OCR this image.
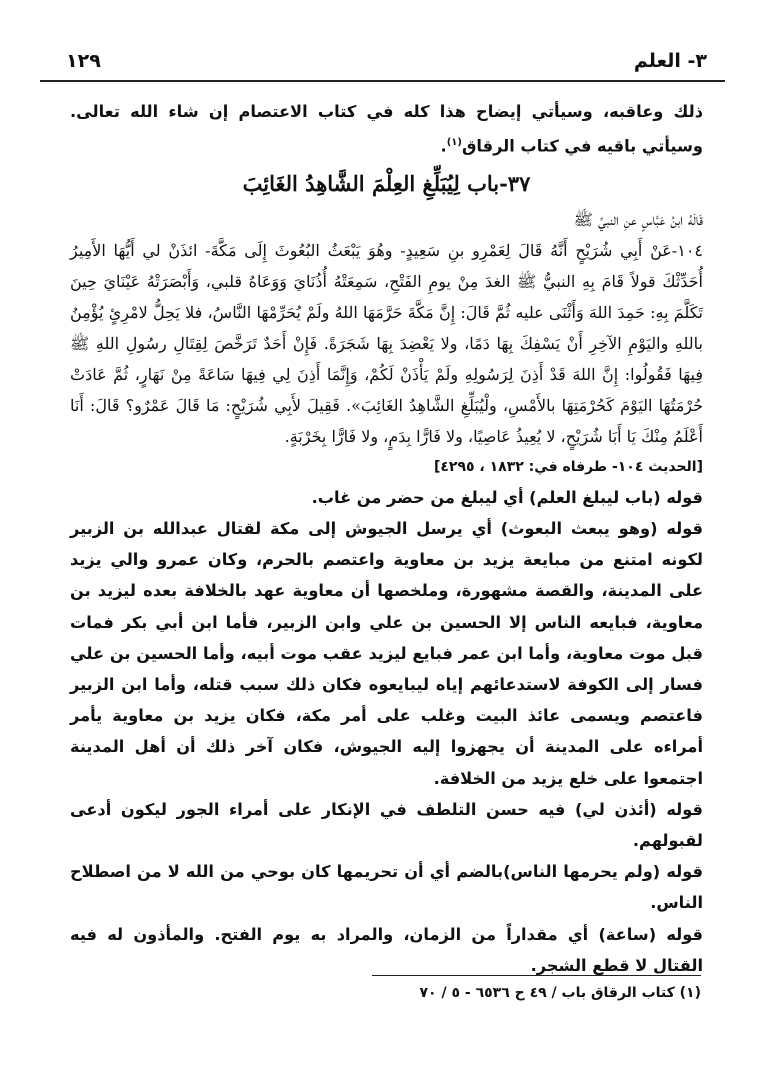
٣- العلم
١٢٩

ذلك وعاقبه، وسيأتي إيضاح هذا كله في كتاب الاعتصام إن شاء الله تعالى. وسيأتي باقيه في كتاب الرقاق$^{(١)}$.

٣٧-باب لِيُبَلِّغِ العِلْمَ الشَّاهِدُ الغَائِبَ

قَالَهُ ابنُ عَبَّاسٍ عنِ النبيِّ ﷺ

١٠٤-عَنْ أَبِي شُرَيْحٍ أَنَّهُ قَالَ لِعَمْرِو بنِ سَعِيدٍ- وهُوَ يَبْعَثُ البُعُوثَ إِلَى مَكَّةَ- ائذَنْ لي أَيُّهَا الأَمِيرُ أُحَدِّثْكَ قولاً قَامَ بِهِ النبيُّ ﷺ الغدَ مِنْ يومِ الفَتْحِ، سَمِعَتْهُ أُذُنَايَ وَوَعَاهُ قلبي، وَأَبْصَرَتْهُ عَيْنَايَ حِينَ تَكَلَّمَ بِهِ: حَمِدَ اللهَ وَأَثْنَى عليه ثُمَّ قَالَ: إِنَّ مَكَّةَ حَرَّمَهَا اللهُ ولَمْ يُحَرِّمْهَا النَّاسُ، فلا يَحِلُّ لامْرِئٍ يُؤْمِنُ باللهِ واليَوْمِ الآخِرِ أَنْ يَسْفِكَ بِهَا دَمًا، ولا يَعْضِدَ بِهَا شَجَرَةً. فَإِنْ أَحَدٌ تَرَخَّصَ لِقِتَالِ رسُولِ اللهِ ﷺ فِيهَا فَقُولُوا: إِنَّ اللهَ قَدْ أَذِنَ لِرَسُولِهِ ولَمْ يَأْذَنْ لَكُمْ، وَإِنَّمَا أَذِنَ لِي فِيهَا سَاعَةً مِنْ نَهَارٍ، ثُمَّ عَادَتْ حُرْمَتُهَا اليَوْمَ كَحُرْمَتِهَا بالأَمْسِ، ولْيُبَلِّغِ الشَّاهِدُ الغَائِبَ». فَقِيلَ لأَبِي شُرَيْحٍ: مَا قَالَ عَمْرٌو؟ قَالَ: أَنَا أَعْلَمُ مِنْكَ يَا أَبَا شُرَيْحٍ، لا يُعِيذُ عَاصِيًا، ولا فَارًّا بِدَمٍ، ولا فَارًّا بِخَرْبَةٍ.

[الحديث ١٠٤- طرفاه في: ١٨٣٢ ، ٤٢٩٥]

قوله (باب ليبلغ العلم) أي ليبلغ من حضر من غاب.

قوله (وهو يبعث البعوث) أي يرسل الجيوش إلى مكة لقتال عبدالله بن الزبير لكونه امتنع من مبايعة يزيد بن معاوية واعتصم بالحرم، وكان عمرو والي يزيد على المدينة، والقصة مشهورة، وملخصها أن معاوية عهد بالخلافة بعده ليزيد بن معاوية، فبايعه الناس إلا الحسين بن علي وابن الزبير، فأما ابن أبي بكر فمات قبل موت معاوية، وأما ابن عمر فبايع ليزيد عقب موت أبيه، وأما الحسين بن علي فسار إلى الكوفة لاستدعائهم إياه ليبايعوه فكان ذلك سبب قتله، وأما ابن الزبير فاعتصم ويسمى عائذ البيت وغلب على أمر مكة، فكان يزيد بن معاوية يأمر أمراءه على المدينة أن يجهزوا إليه الجيوش، فكان آخر ذلك أن أهل المدينة اجتمعوا على خلع يزيد من الخلافة.

قوله (أئذن لي) فيه حسن التلطف في الإنكار على أمراء الجور ليكون أدعى لقبولهم.

قوله (ولم يحرمها الناس)بالضم أي أن تحريمها كان بوحي من الله لا من اصطلاح الناس.

قوله (ساعة) أي مقداراً من الزمان، والمراد به يوم الفتح. والمأذون له فيه القتال لا قطع الشجر.

(١) كتاب الرقاق باب / ٤٩ ح ٦٥٣٦ - ٥ / ٧٠
